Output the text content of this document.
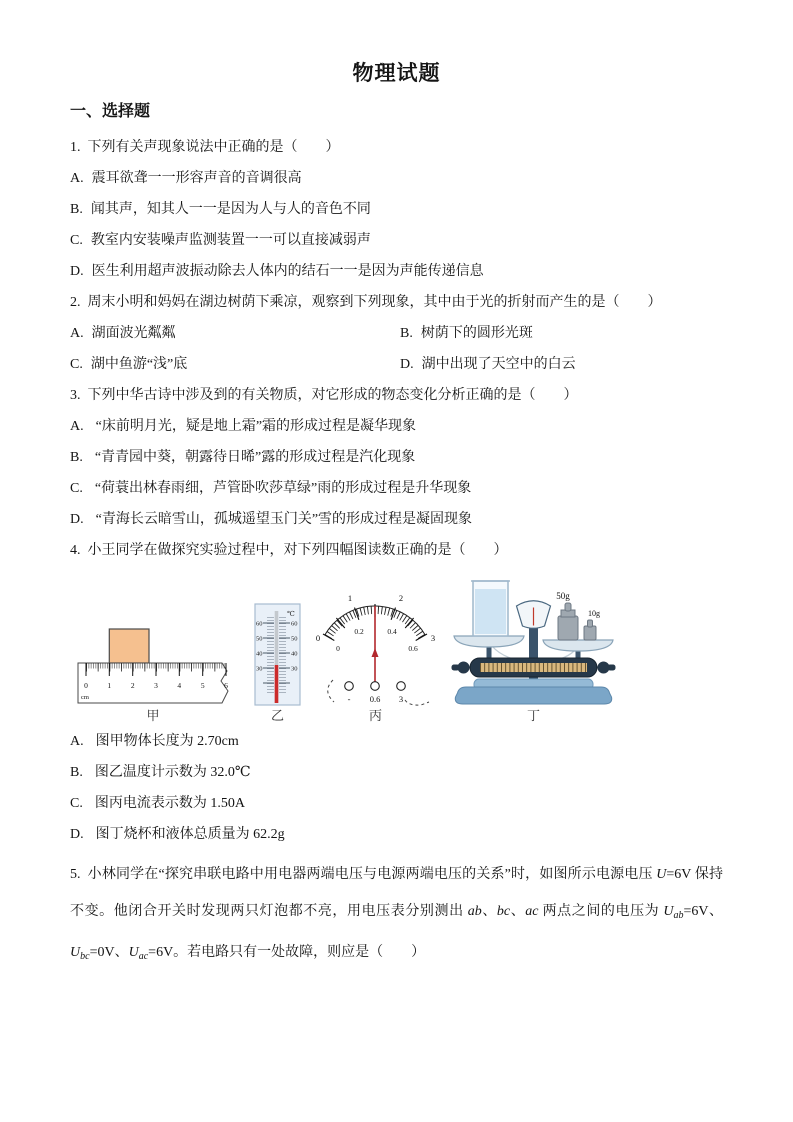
物理试题
一、选择题

1. 下列有关声现象说法中正确的是（　　）

A. 震耳欲聋一一形容声音的音调很高

B. 闻其声，知其人一一是因为人与人的音色不同

C. 教室内安装噪声监测装置一一可以直接减弱声

D. 医生利用超声波振动除去人体内的结石一一是因为声能传递信息

2. 周末小明和妈妈在湖边树荫下乘凉，观察到下列现象，其中由于光的折射而产生的是（　　）

A. 湖面波光粼粼	B. 树荫下的圆形光斑

C. 湖中鱼游“浅”底	D. 湖中出现了天空中的白云

3. 下列中华古诗中涉及到的有关物质，对它形成的物态变化分析正确的是（　　）

A. “床前明月光，疑是地上霜”霜的形成过程是凝华现象

B. “青青园中葵，朝露待日晞”露的形成过程是汽化现象

C. “荷蓑出林春雨细，芦管卧吹莎草绿”雨的形成过程是升华现象

D. “青海长云暗雪山，孤城遥望玉门关”雪的形成过程是凝固现象

4. 小王同学在做探究实验过程中，对下列四幅图读数正确的是（　　）

0	1	2	3	4	5	6
cm
甲
℃
60
50
40
30
60
50
40
30
乙
0
1	2
3
0
0.2	0.4
0.6
- 0.6 3
丙
50g
10g
丁

A. 图甲物体长度为 2.70cm

B. 图乙温度计示数为 32.0℃

C. 图丙电流表示数为 1.50A

D. 图丁烧杯和液体总质量为 62.2g

5. 小林同学在“探究串联电路中用电器两端电压与电源两端电压的关系”时，如图所示电源电压 U=6V 保持不变。他闭合开关时发现两只灯泡都不亮，用电压表分别测出 ab、bc、ac 两点之间的电压为 $U_{ab}=6V$、$U_{bc}=0V$、$U_{ac}=6V$。若电路只有一处故障，则应是（　　）
